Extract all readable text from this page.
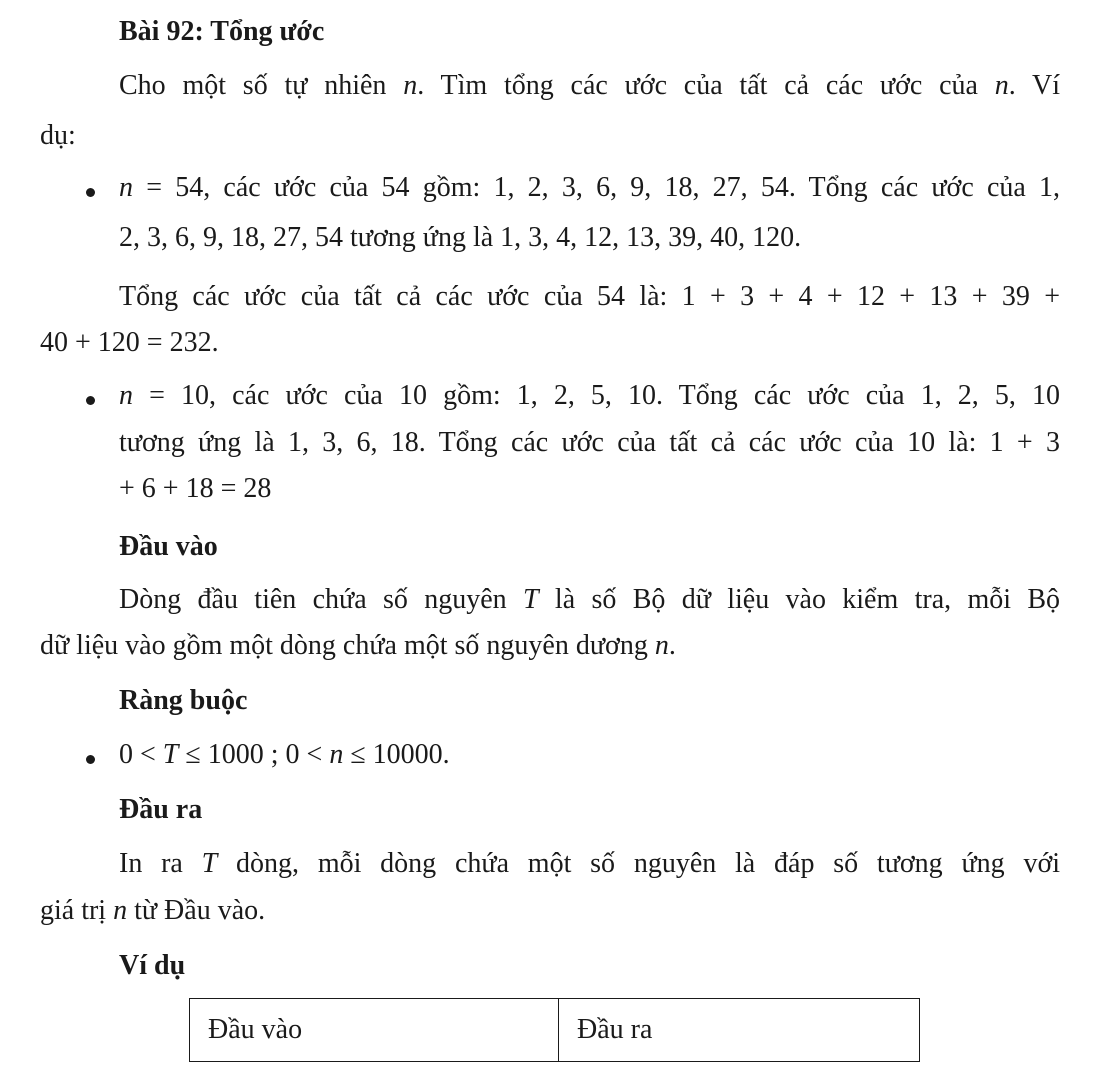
Bài 92: Tổng ước
Cho một số tự nhiên n. Tìm tổng các ước của tất cả các ước của n. Ví
dụ:
n = 54, các ước của 54 gồm: 1, 2, 3, 6, 9, 18, 27, 54. Tổng các ước của 1,
2, 3, 6, 9, 18, 27, 54 tương ứng là 1, 3, 4, 12, 13, 39, 40, 120.
Tổng các ước của tất cả các ước của 54 là: 1 + 3 + 4 + 12 + 13 + 39 +
40 + 120 = 232.
n = 10, các ước của 10 gồm: 1, 2, 5, 10. Tổng các ước của 1, 2, 5, 10
tương ứng là 1, 3, 6, 18. Tổng các ước của tất cả các ước của 10 là: 1 + 3
+ 6 + 18 = 28
Đầu vào
Dòng đầu tiên chứa số nguyên T là số Bộ dữ liệu vào kiểm tra, mỗi Bộ
dữ liệu vào gồm một dòng chứa một số nguyên dương n.
Ràng buộc
0 < T ≤ 1000 ; 0 < n ≤ 10000.
Đầu ra
In ra T dòng, mỗi dòng chứa một số nguyên là đáp số tương ứng với
giá trị n từ Đầu vào.
Ví dụ
Đầu vào	Đầu ra
